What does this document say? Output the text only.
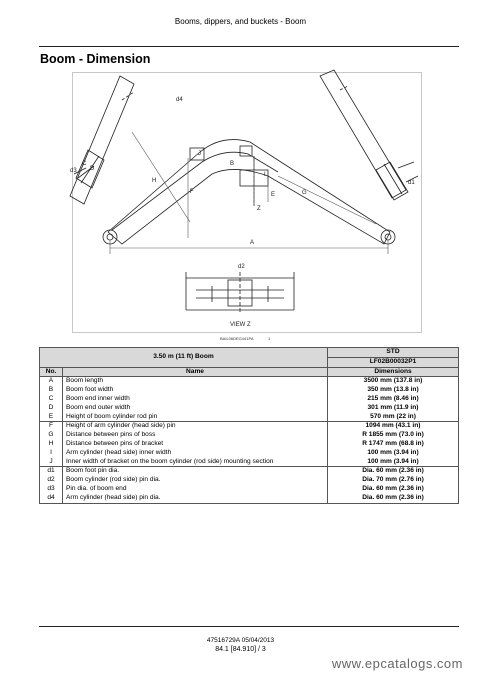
Booms, dippers, and buckets - Boom
Boom - Dimension
d4
d3
C
D
H
F
J
B
I
G
Z
E
A
d1
d2
VIEW Z
BAIL06DEG441PA	1
3.50 m (11 ft) Boom		STD
		LF02B00032P1
No.	Name	Dimensions
A	Boom length	3500 mm (137.8 in)
B	Boom foot width	350 mm (13.8 in)
C	Boom end inner width	215 mm (8.46 in)
D	Boom end outer width	301 mm (11.9 in)
E	Height of boom cylinder rod pin	570 mm (22 in)
F	Height of arm cylinder (head side) pin	1094 mm (43.1 in)
G	Distance between pins of boss	R 1855 mm (73.0 in)
H	Distance between pins of bracket	R 1747 mm (68.8 in)
I	Arm cylinder (head side) inner width	100 mm (3.94 in)
J	Inner width of bracket on the boom cylinder (rod side) mounting section	100 mm (3.94 in)
d1	Boom foot pin dia.	Dia. 60 mm (2.36 in)
d2	Boom cylinder (rod side) pin dia.	Dia. 70 mm (2.76 in)
d3	Pin dia. of boom end	Dia. 60 mm (2.36 in)
d4	Arm cylinder (head side) pin dia.	Dia. 60 mm (2.36 in)
47516729A 05/04/2013
84.1 [84.910] / 3
www.epcatalogs.com
